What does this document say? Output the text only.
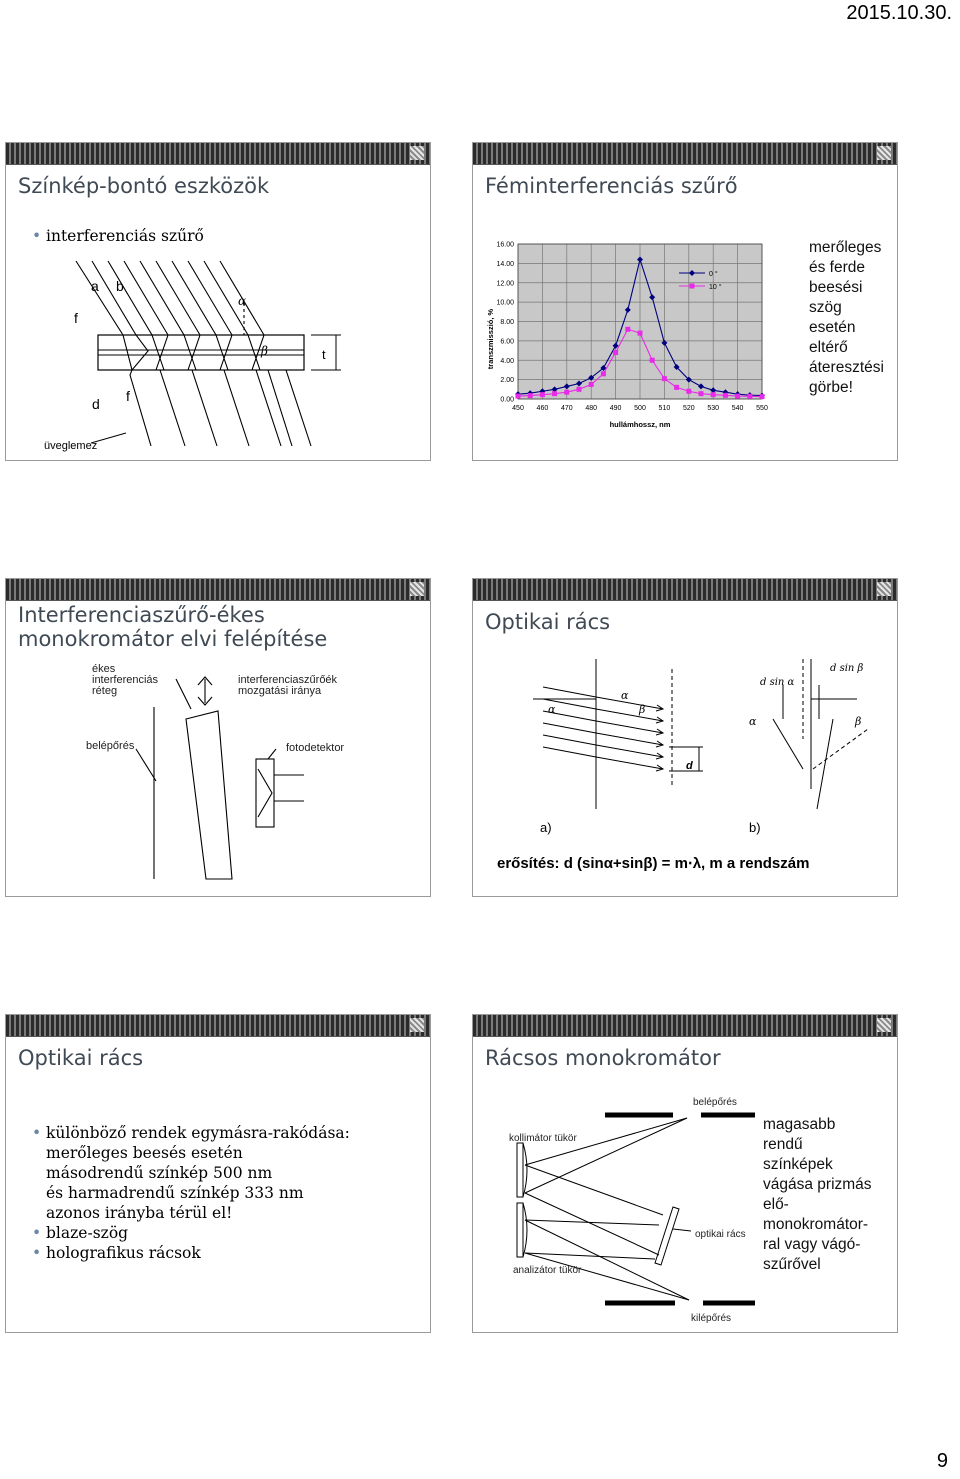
2015.10.30.
Színkép-bontó eszközök
• interferenciás szűrő
f
a b
α
β	t
d f
üveglemez
Féminterferenciás szűrő
0.00
2.00
4.00
6.00
8.00
10.00
12.00
14.00
16.00
450 460 470 480 490 500 510 520 530 540 550
transzmisszió, %
hullámhossz, nm
0 °
10 °
merőleges
és ferde
beesési
szög
esetén
eltérő
áteresztési
görbe!
Interferenciaszűrő-ékes
monokromátor elvi felépítése
ékes
interferenciás
réteg
interferenciaszűrőék
mozgatási iránya
belépőrés	fotodetektor
Optikai rács
α
α
β
d
d sin α
d sin β
α	β
a)	b)
erősítés: d (sinα+sinβ) = m⋅λ, m a rendszám
Optikai rács
• különböző rendek egymásra-rakódása:
merőleges beesés esetén
másodrendű színkép 500 nm
és harmadrendű színkép 333 nm
azonos irányba térül el!
• blaze-szög
• holografikus rácsok
Rácsos monokromátor
belépőrés
kollimátor tükör
optikai rács
analizátor tükör
kilépőrés
magasabb
rendű
színképek
vágása prizmás
elő-
monokromátor-
ral vagy vágó-
szűrővel
9
